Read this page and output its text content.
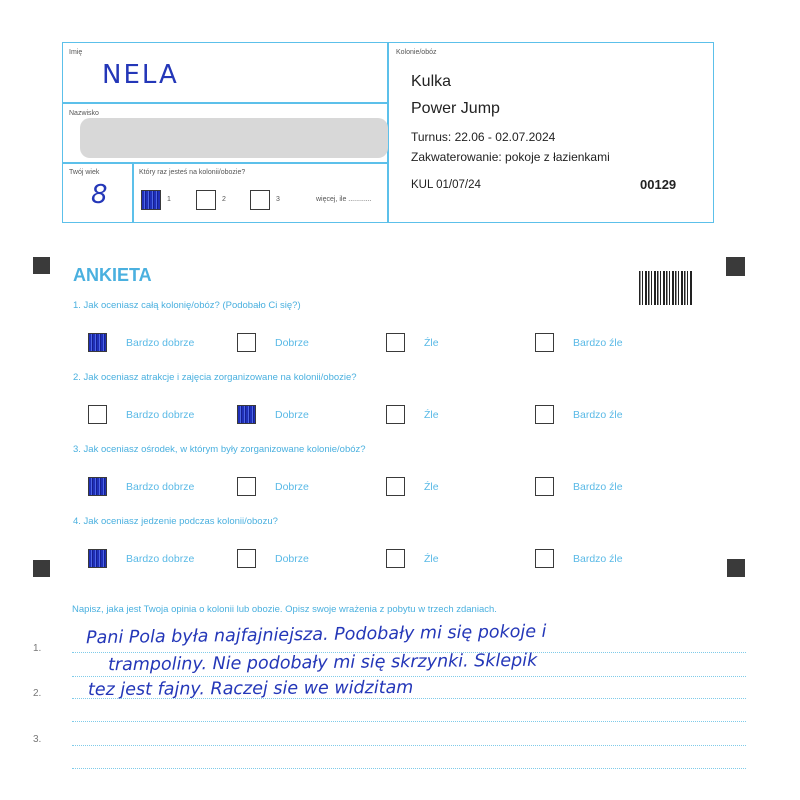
Imię
NELA
Nazwisko
Twój wiek
8
Który raz jesteś na kolonii/obozie?
1	2	3	więcej, ile ............
Kolonie/obóz
Kulka
Power Jump
Turnus: 22.06 - 02.07.2024
Zakwaterowanie: pokoje z łazienkami
KUL 01/07/24	00129
ANKIETA
1. Jak oceniasz całą kolonię/obóz? (Podobało Ci się?)
Bardzo dobrze	Dobrze	Źle	Bardzo źle
2. Jak oceniasz atrakcje i zajęcia zorganizowane na kolonii/obozie?
Bardzo dobrze	Dobrze	Źle	Bardzo źle
3. Jak oceniasz ośrodek, w którym były zorganizowane kolonie/obóz?
Bardzo dobrze	Dobrze	Źle	Bardzo źle
4. Jak oceniasz jedzenie podczas kolonii/obozu?
Bardzo dobrze	Dobrze	Źle	Bardzo źle
Napisz, jaka jest Twoja opinia o kolonii lub obozie. Opisz swoje wrażenia z pobytu w trzech zdaniach.
1.
2.
3.
Pani Pola była najfajniejsza. Podobały mi się pokoje i
trampoliny. Nie podobały mi się skrzynki. Sklepik
tez jest fajny. Raczej sie we widzitam
